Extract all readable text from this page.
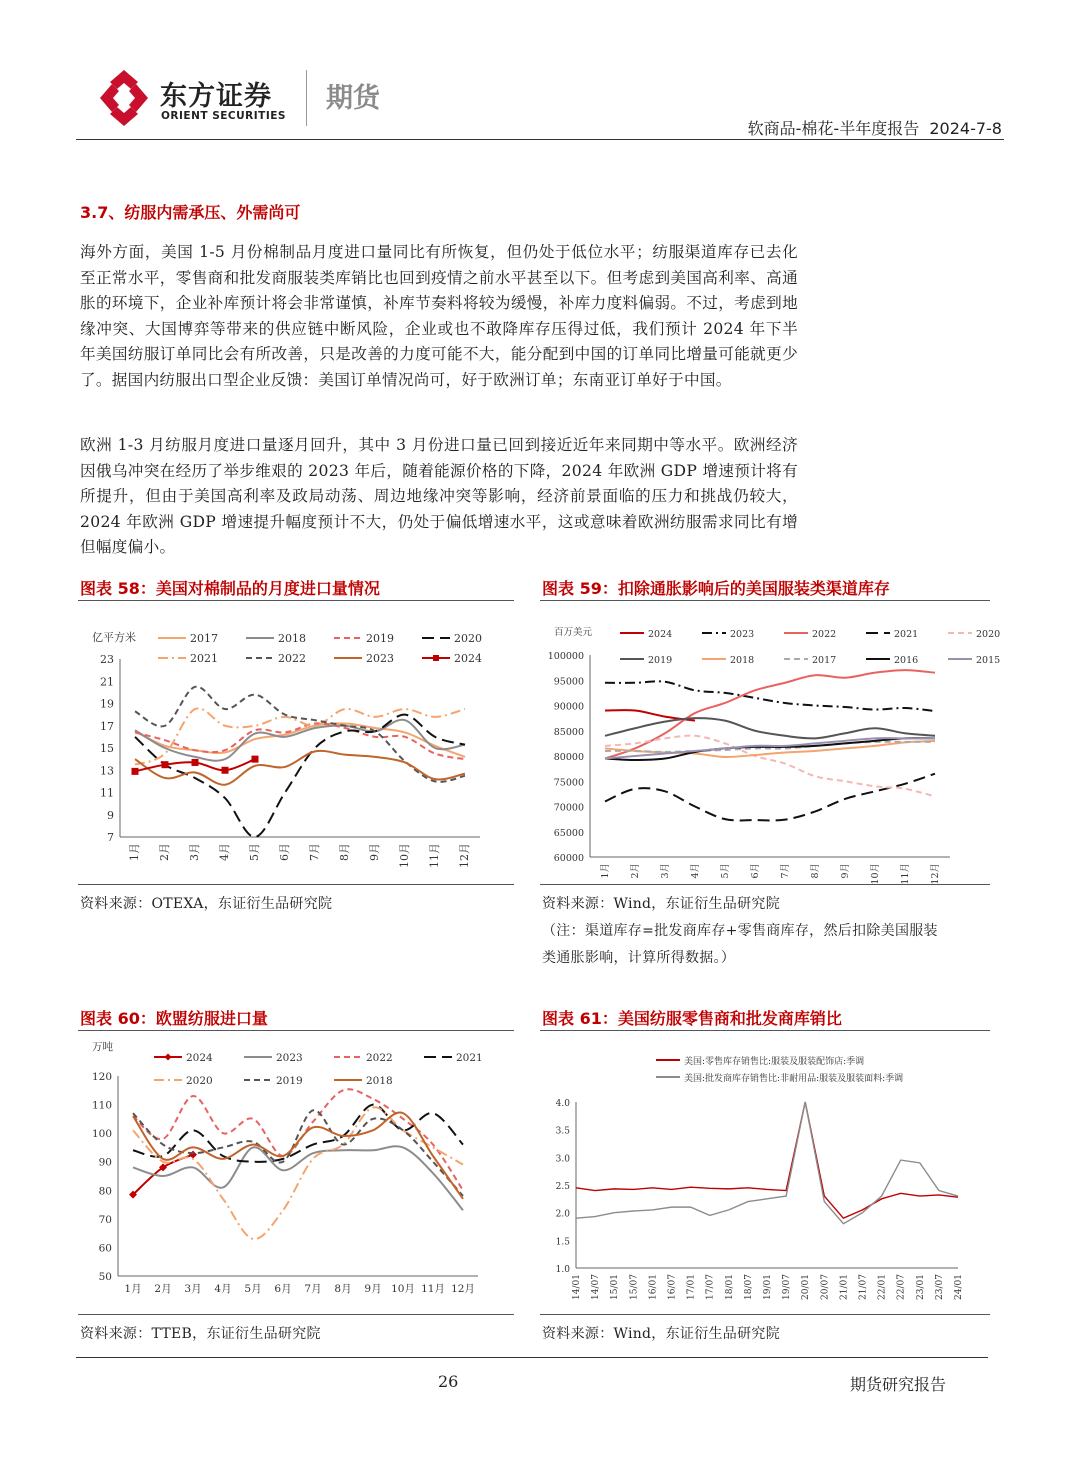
东方证券
ORIENT SECURITIES
期货
软商品-棉花-半年度报告  2024-7-8
3.7、纺服内需承压、外需尚可
海外方面，美国 1-5 月份棉制品月度进口量同比有所恢复，但仍处于低位水平；纺服渠道库存已去化至正常水平，零售商和批发商服装类库销比也回到疫情之前水平甚至以下。但考虑到美国高利率、高通胀的环境下，企业补库预计将会非常谨慎，补库节奏料将较为缓慢，补库力度料偏弱。不过，考虑到地缘冲突、大国博弈等带来的供应链中断风险，企业或也不敢降库存压得过低，我们预计 2024 年下半年美国纺服订单同比会有所改善，只是改善的力度可能不大，能分配到中国的订单同比增量可能就更少了。据国内纺服出口型企业反馈：美国订单情况尚可，好于欧洲订单；东南亚订单好于中国。
欧洲 1-3 月纺服月度进口量逐月回升，其中 3 月份进口量已回到接近近年来同期中等水平。欧洲经济因俄乌冲突在经历了举步维艰的 2023 年后，随着能源价格的下降，2024 年欧洲 GDP 增速预计将有所提升，但由于美国高利率及政局动荡、周边地缘冲突等影响，经济前景面临的压力和挑战仍较大，2024 年欧洲 GDP 增速提升幅度预计不大，仍处于偏低增速水平，这或意味着欧洲纺服需求同比有增但幅度偏小。
图表 58：美国对棉制品的月度进口量情况
7
9
11
13
15
17
19
21
23
1月 2月 3月 4月 5月 6月 7月 8月 9月 10月 11月 12月
亿平方米	2017	2018	2019	2020
2021	2022	2023	2024
资料来源：OTEXA，东证衍生品研究院
图表 59：扣除通胀影响后的美国服装类渠道库存
60000
65000
70000
75000
80000
85000
90000
95000
100000
1月 2月 3月 4月 5月 6月 7月 8月 9月 10月 11月 12月
百万美元	2024	2023	2022	2021	2020
2019	2018	2017	2016	2015
资料来源：Wind，东证衍生品研究院
（注：渠道库存=批发商库存+零售商库存，然后扣除美国服装
类通胀影响，计算所得数据。）
图表 60：欧盟纺服进口量
50
60
70
80
90
100
110
120
1月 2月 3月 4月 5月 6月 7月 8月 9月 10月 11月 12月
万吨
2024	2023	2022	2021
2020	2019	2018
资料来源：TTEB，东证衍生品研究院
图表 61：美国纺服零售商和批发商库销比
1.0
1.5
2.0
2.5
3.0
3.5
4.0
14/01 14/07 15/01 15/07 16/01 16/07 17/01 17/07 18/01 18/07 19/01 19/07 20/01 20/07 21/01 21/07 22/01 22/07 23/01 23/07 24/01
美国:零售库存销售比:服装及服装配饰店:季调
美国:批发商库存销售比:非耐用品:服装及服装面料:季调
资料来源：Wind，东证衍生品研究院
26	期货研究报告
